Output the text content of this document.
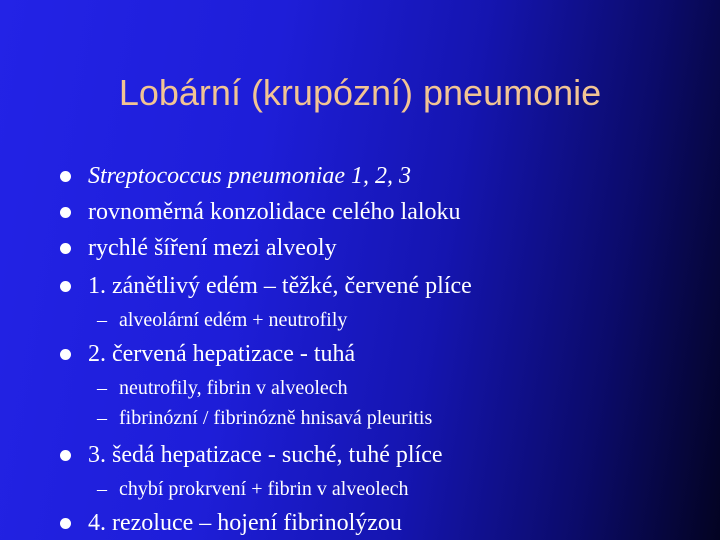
Lobární (krupózní) pneumonie
Streptococcus pneumoniae 1, 2, 3
rovnoměrná konzolidace celého laloku
rychlé šíření mezi alveoly
1. zánětlivý edém – těžké, červené plíce
– alveolární edém + neutrofily
2. červená hepatizace - tuhá
– neutrofily, fibrin v alveolech
– fibrinózní / fibrinózně hnisavá pleuritis
3. šedá hepatizace - suché, tuhé plíce
– chybí prokrvení + fibrin v alveolech
4. rezoluce – hojení fibrinolýzou
